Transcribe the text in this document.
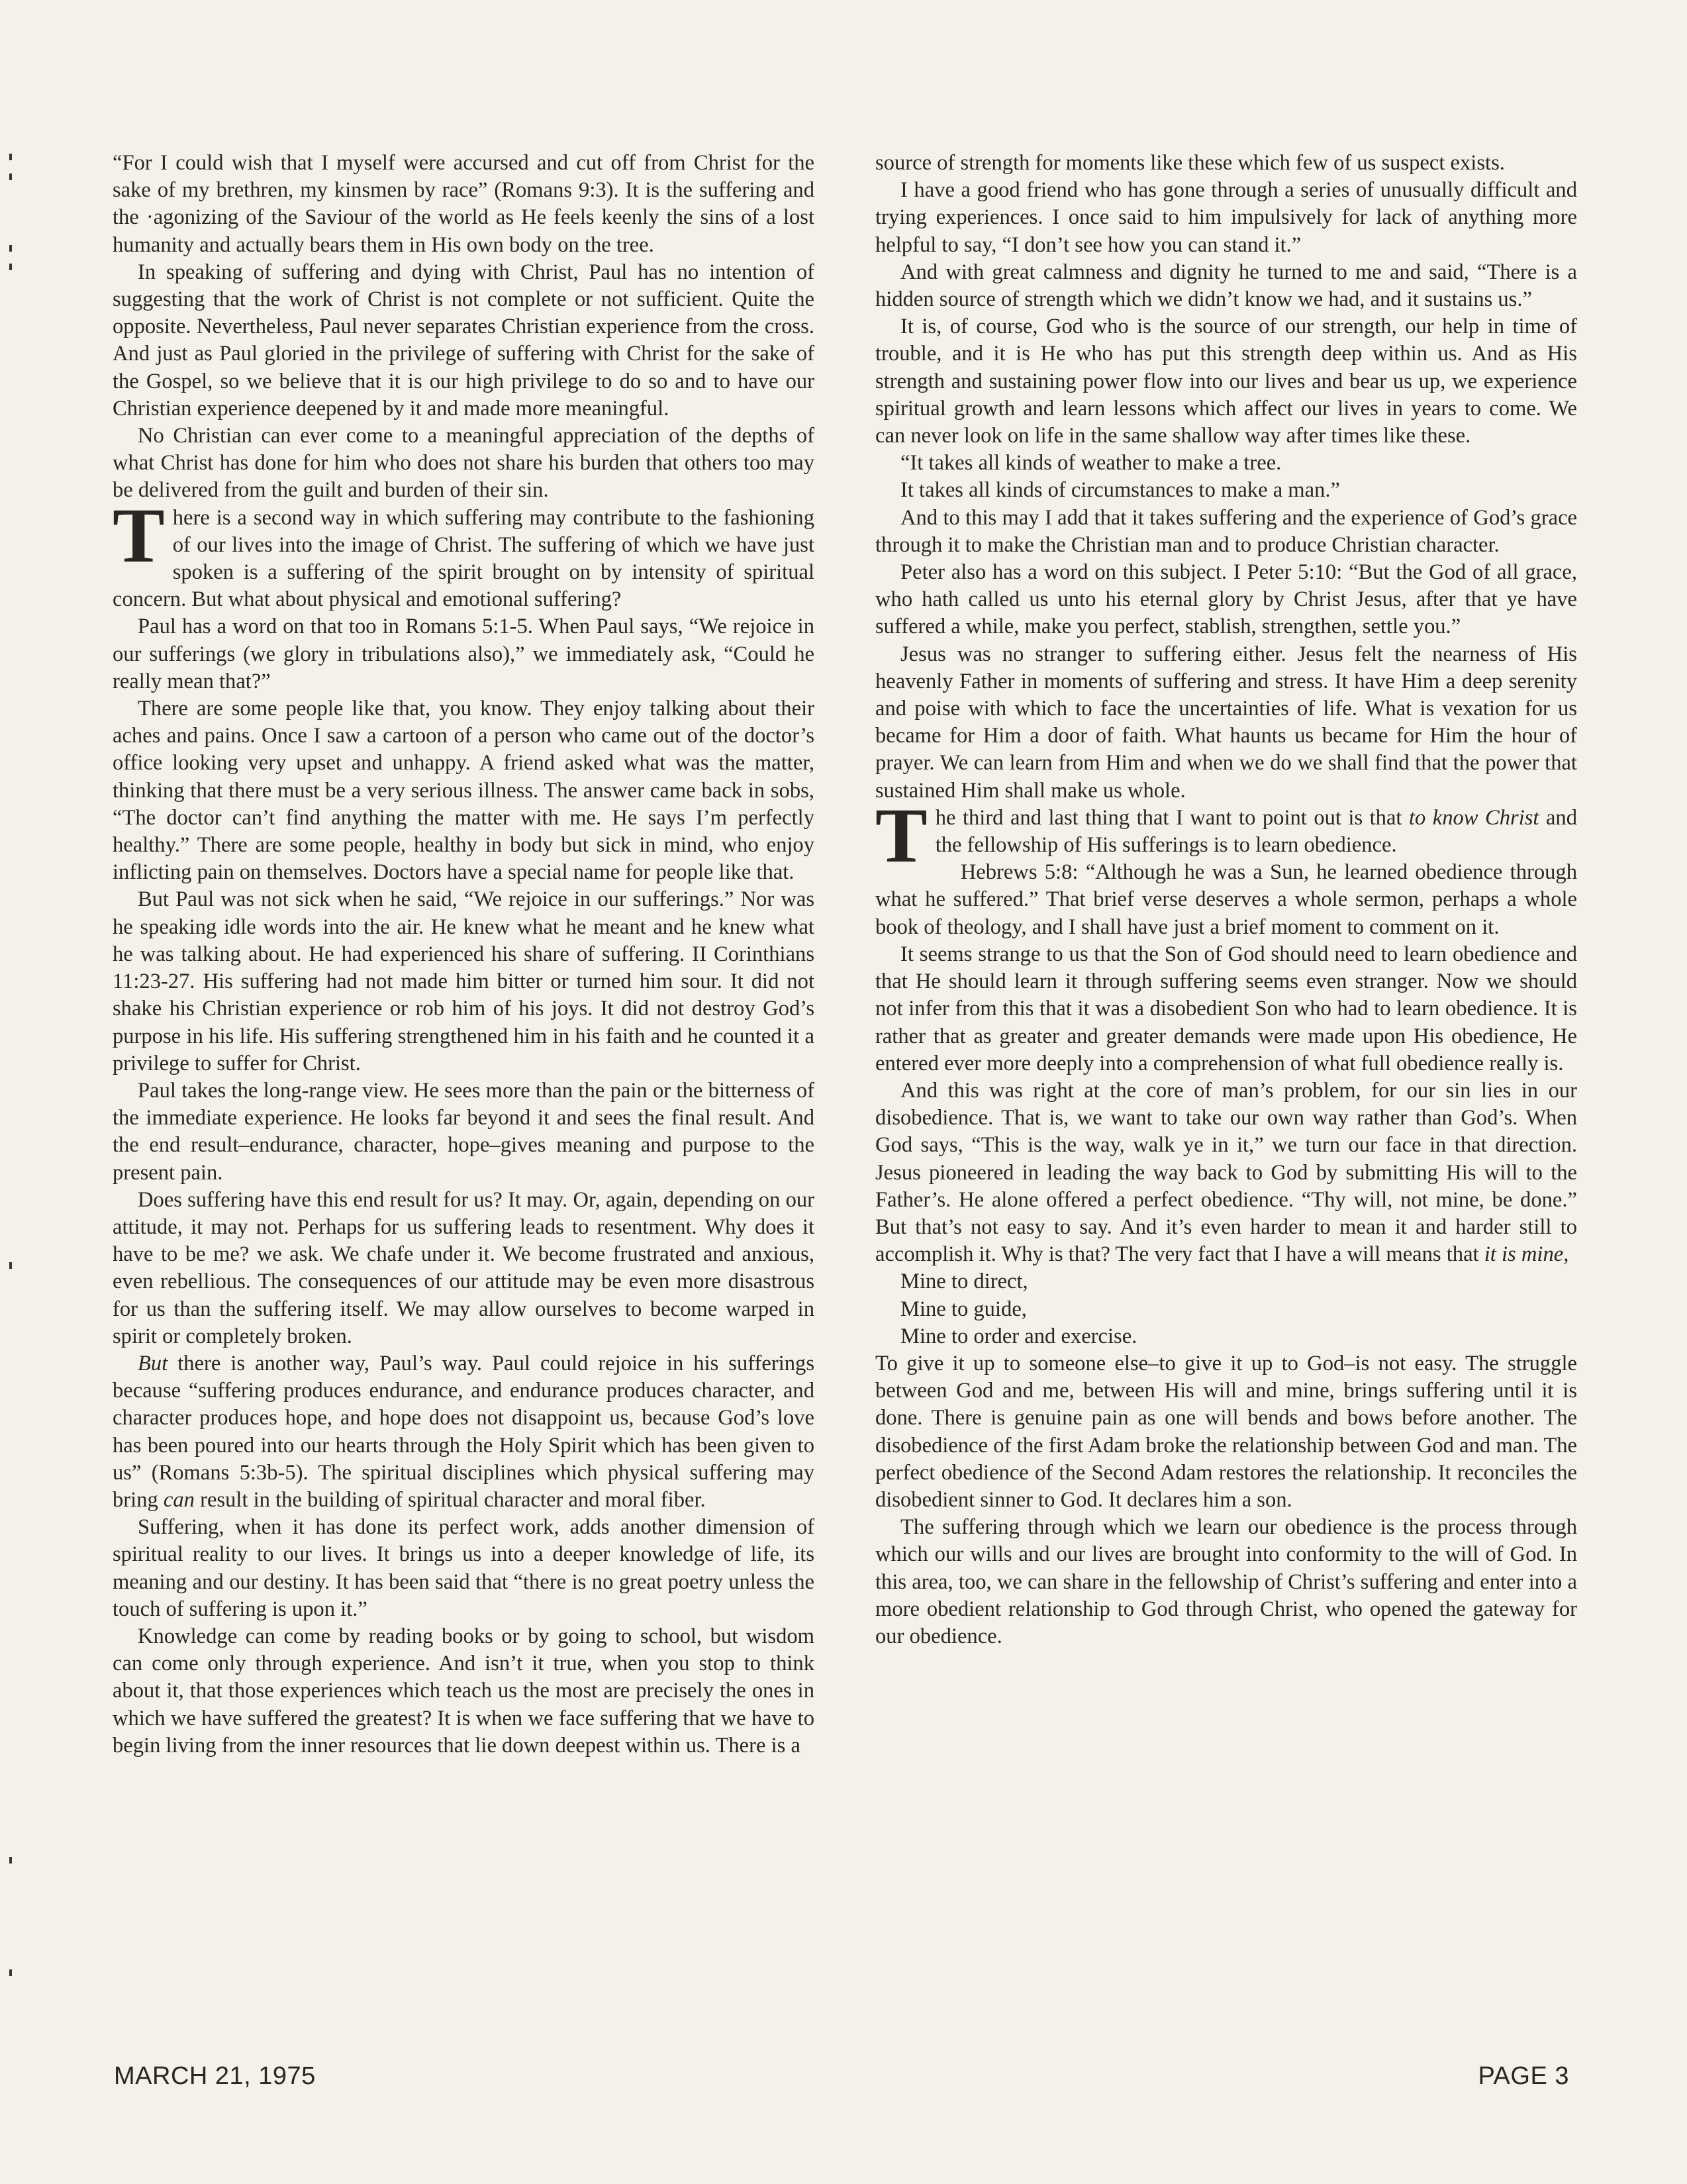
“For I could wish that I myself were accursed and cut off from Christ for the sake of my brethren, my kinsmen by race” (Romans 9:3). It is the suffering and the ·agonizing of the Saviour of the world as He feels keenly the sins of a lost humanity and actually bears them in His own body on the tree.

In speaking of suffering and dying with Christ, Paul has no intention of suggesting that the work of Christ is not complete or not sufficient. Quite the opposite. Nevertheless, Paul never separates Christian experience from the cross. And just as Paul gloried in the privilege of suffering with Christ for the sake of the Gospel, so we believe that it is our high privilege to do so and to have our Christian experience deepened by it and made more meaningful.

No Christian can ever come to a meaningful appreciation of the depths of what Christ has done for him who does not share his burden that others too may be delivered from the guilt and burden of their sin.

There is a second way in which suffering may contribute to the fashioning of our lives into the image of Christ. The suffering of which we have just spoken is a suffering of the spirit brought on by intensity of spiritual concern. But what about physical and emotional suffering?

Paul has a word on that too in Romans 5:1-5. When Paul says, “We rejoice in our sufferings (we glory in tribulations also),” we immediately ask, “Could he really mean that?”

There are some people like that, you know. They enjoy talking about their aches and pains. Once I saw a cartoon of a person who came out of the doctor’s office looking very upset and unhappy. A friend asked what was the matter, thinking that there must be a very serious illness. The answer came back in sobs, “The doctor can’t find anything the matter with me. He says I’m perfectly healthy.” There are some people, healthy in body but sick in mind, who enjoy inflicting pain on themselves. Doctors have a special name for people like that.

But Paul was not sick when he said, “We rejoice in our sufferings.” Nor was he speaking idle words into the air. He knew what he meant and he knew what he was talking about. He had experienced his share of suffering. II Corinthians 11:23-27. His suffering had not made him bitter or turned him sour. It did not shake his Christian experience or rob him of his joys. It did not destroy God’s purpose in his life. His suffering strengthened him in his faith and he counted it a privilege to suffer for Christ.

Paul takes the long-range view. He sees more than the pain or the bitterness of the immediate experience. He looks far beyond it and sees the final result. And the end result–endurance, character, hope–gives meaning and purpose to the present pain.

Does suffering have this end result for us? It may. Or, again, depending on our attitude, it may not. Perhaps for us suffering leads to resentment. Why does it have to be me? we ask. We chafe under it. We become frustrated and anxious, even rebellious. The consequences of our attitude may be even more disastrous for us than the suffering itself. We may allow ourselves to become warped in spirit or completely broken.

But there is another way, Paul’s way. Paul could rejoice in his sufferings because “suffering produces endurance, and endurance produces character, and character produces hope, and hope does not disappoint us, because God’s love has been poured into our hearts through the Holy Spirit which has been given to us” (Romans 5:3b-5). The spiritual disciplines which physical suffering may bring can result in the building of spiritual character and moral fiber.

Suffering, when it has done its perfect work, adds another dimension of spiritual reality to our lives. It brings us into a deeper knowledge of life, its meaning and our destiny. It has been said that “there is no great poetry unless the touch of suffering is upon it.”

Knowledge can come by reading books or by going to school, but wisdom can come only through experience. And isn’t it true, when you stop to think about it, that those experiences which teach us the most are precisely the ones in which we have suffered the greatest? It is when we face suffering that we have to begin living from the inner resources that lie down deepest within us. There is a

source of strength for moments like these which few of us suspect exists.

I have a good friend who has gone through a series of unusually difficult and trying experiences. I once said to him impulsively for lack of anything more helpful to say, “I don’t see how you can stand it.”

And with great calmness and dignity he turned to me and said, “There is a hidden source of strength which we didn’t know we had, and it sustains us.”

It is, of course, God who is the source of our strength, our help in time of trouble, and it is He who has put this strength deep within us. And as His strength and sustaining power flow into our lives and bear us up, we experience spiritual growth and learn lessons which affect our lives in years to come. We can never look on life in the same shallow way after times like these.

“It takes all kinds of weather to make a tree.

It takes all kinds of circumstances to make a man.”

And to this may I add that it takes suffering and the experience of God’s grace through it to make the Christian man and to produce Christian character.

Peter also has a word on this subject. I Peter 5:10: “But the God of all grace, who hath called us unto his eternal glory by Christ Jesus, after that ye have suffered a while, make you perfect, stablish, strengthen, settle you.”

Jesus was no stranger to suffering either. Jesus felt the nearness of His heavenly Father in moments of suffering and stress. It have Him a deep serenity and poise with which to face the uncertainties of life. What is vexation for us became for Him a door of faith. What haunts us became for Him the hour of prayer. We can learn from Him and when we do we shall find that the power that sustained Him shall make us whole.

The third and last thing that I want to point out is that to know Christ and the fellowship of His sufferings is to learn obedience.

Hebrews 5:8: “Although he was a Sun, he learned obedience through what he suffered.” That brief verse deserves a whole sermon, perhaps a whole book of theology, and I shall have just a brief moment to comment on it.

It seems strange to us that the Son of God should need to learn obedience and that He should learn it through suffering seems even stranger. Now we should not infer from this that it was a disobedient Son who had to learn obedience. It is rather that as greater and greater demands were made upon His obedience, He entered ever more deeply into a comprehension of what full obedience really is.

And this was right at the core of man’s problem, for our sin lies in our disobedience. That is, we want to take our own way rather than God’s. When God says, “This is the way, walk ye in it,” we turn our face in that direction. Jesus pioneered in leading the way back to God by submitting His will to the Father’s. He alone offered a perfect obedience. “Thy will, not mine, be done.” But that’s not easy to say. And it’s even harder to mean it and harder still to accomplish it. Why is that? The very fact that I have a will means that it is mine,

Mine to direct,

Mine to guide,

Mine to order and exercise.

To give it up to someone else–to give it up to God–is not easy. The struggle between God and me, between His will and mine, brings suffering until it is done. There is genuine pain as one will bends and bows before another. The disobedience of the first Adam broke the relationship between God and man. The perfect obedience of the Second Adam restores the relationship. It reconciles the disobedient sinner to God. It declares him a son.

The suffering through which we learn our obedience is the process through which our wills and our lives are brought into conformity to the will of God. In this area, too, we can share in the fellowship of Christ’s suffering and enter into a more obedient relationship to God through Christ, who opened the gateway for our obedience.

MARCH 21, 1975	PAGE 3
